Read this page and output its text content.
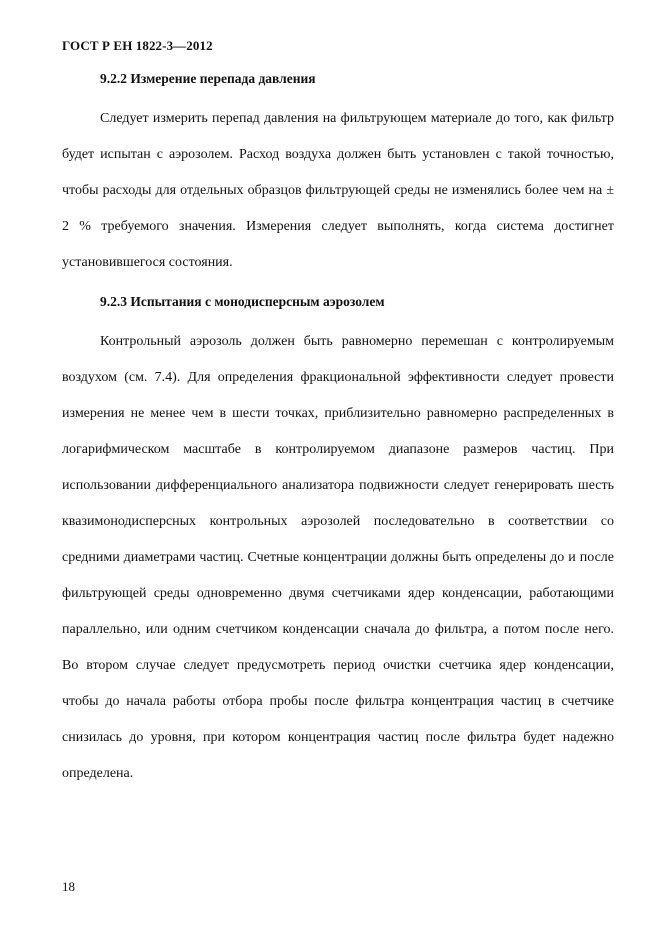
ГОСТ Р ЕН 1822-3—2012
9.2.2 Измерение перепада давления

Следует измерить перепад давления на фильтрующем материале до того, как фильтр будет испытан с аэрозолем. Расход воздуха должен быть установлен с такой точностью, чтобы расходы для отдельных образцов фильтрующей среды не изменялись более чем на ± 2 % требуемого значения. Измерения следует выполнять, когда система достигнет установившегося состояния.

9.2.3 Испытания с монодисперсным аэрозолем

Контрольный аэрозоль должен быть равномерно перемешан с контролируемым воздухом (см. 7.4). Для определения фракциональной эффективности следует провести измерения не менее чем в шести точках, приблизительно равномерно распределенных в логарифмическом масштабе в контролируемом диапазоне размеров частиц. При использовании дифференциального анализатора подвижности следует генерировать шесть квазимонодисперсных контрольных аэрозолей последовательно в соответствии со средними диаметрами частиц. Счетные концентрации должны быть определены до и после фильтрующей среды одновременно двумя счетчиками ядер конденсации, работающими параллельно, или одним счетчиком конденсации сначала до фильтра, а потом после него. Во втором случае следует предусмотреть период очистки счетчика ядер конденсации, чтобы до начала работы отбора пробы после фильтра концентрация частиц в счетчике снизилась до уровня, при котором концентрация частиц после фильтра будет надежно определена.

18
